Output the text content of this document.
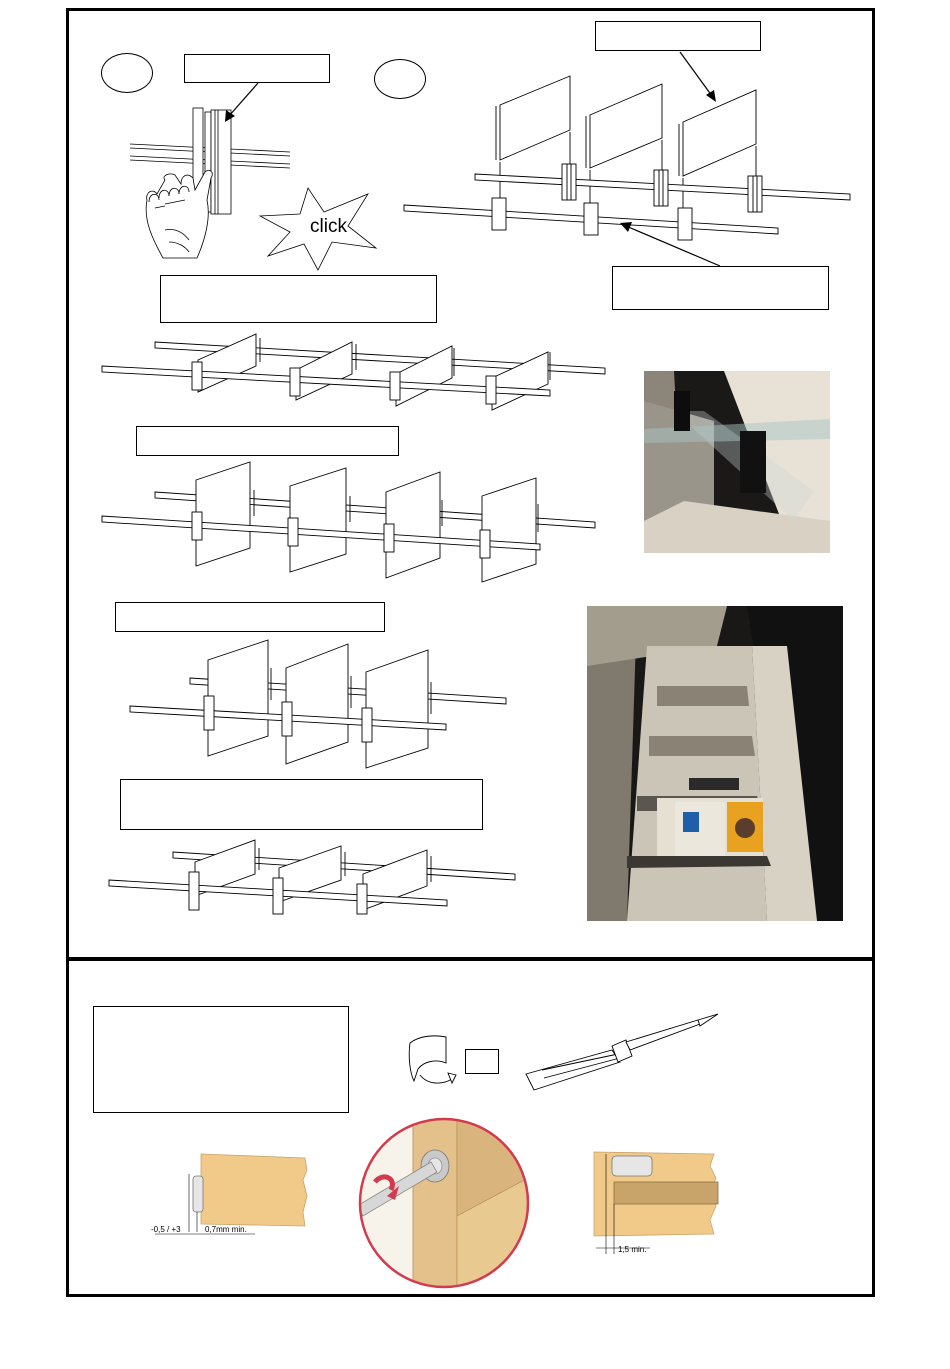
click
-0,5 / +3	0,7mm min.
1,5 min.
